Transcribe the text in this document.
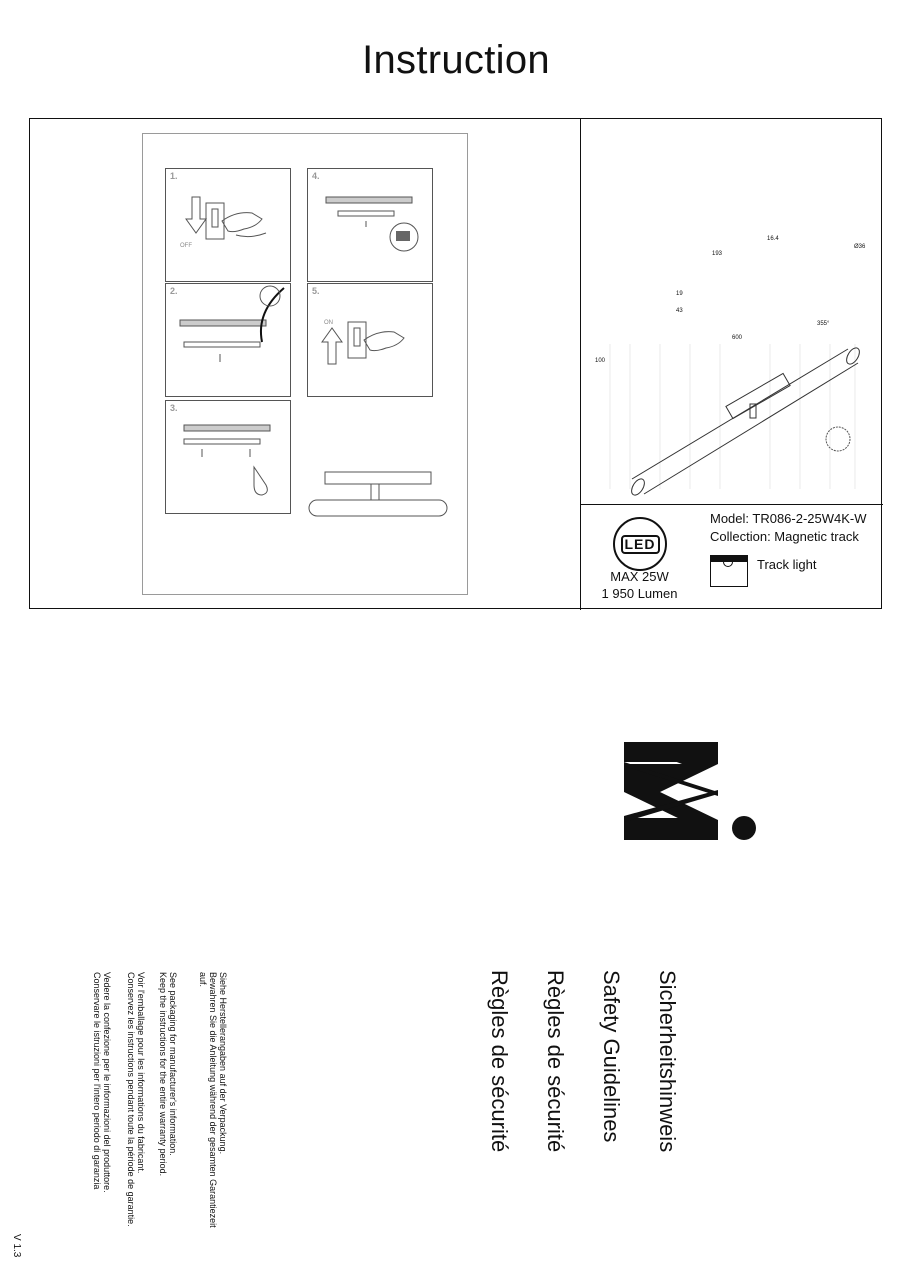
Instruction
1.
OFF
4.
2.	5.
ON
3.
16.4
193
Ø36
19
43
600
100
355°
LED
MAX 25W
1 950 Lumen
Model: TR086-2-25W4K-W
Collection: Magnetic track
Track light
Sicherheitshinweis
Safety Guidelines
Règles de sécurité
Règles de sécurité
Siehe Herstellerangaben auf der Verpackung.
Bewahren Sie die Anleitung während der gesamten Garantiezeit
auf.
See packaging for manufacturer's information.
Keep the instructions for the entire warranty period.
Voir l'emballage pour les informations du fabricant.
Conservez les instructions pendant toute la période de garantie.
Vedere la confezione per le informazioni del produttore.
Conservare le istruzioni per l'intero periodo di garanzia
V 1.3
